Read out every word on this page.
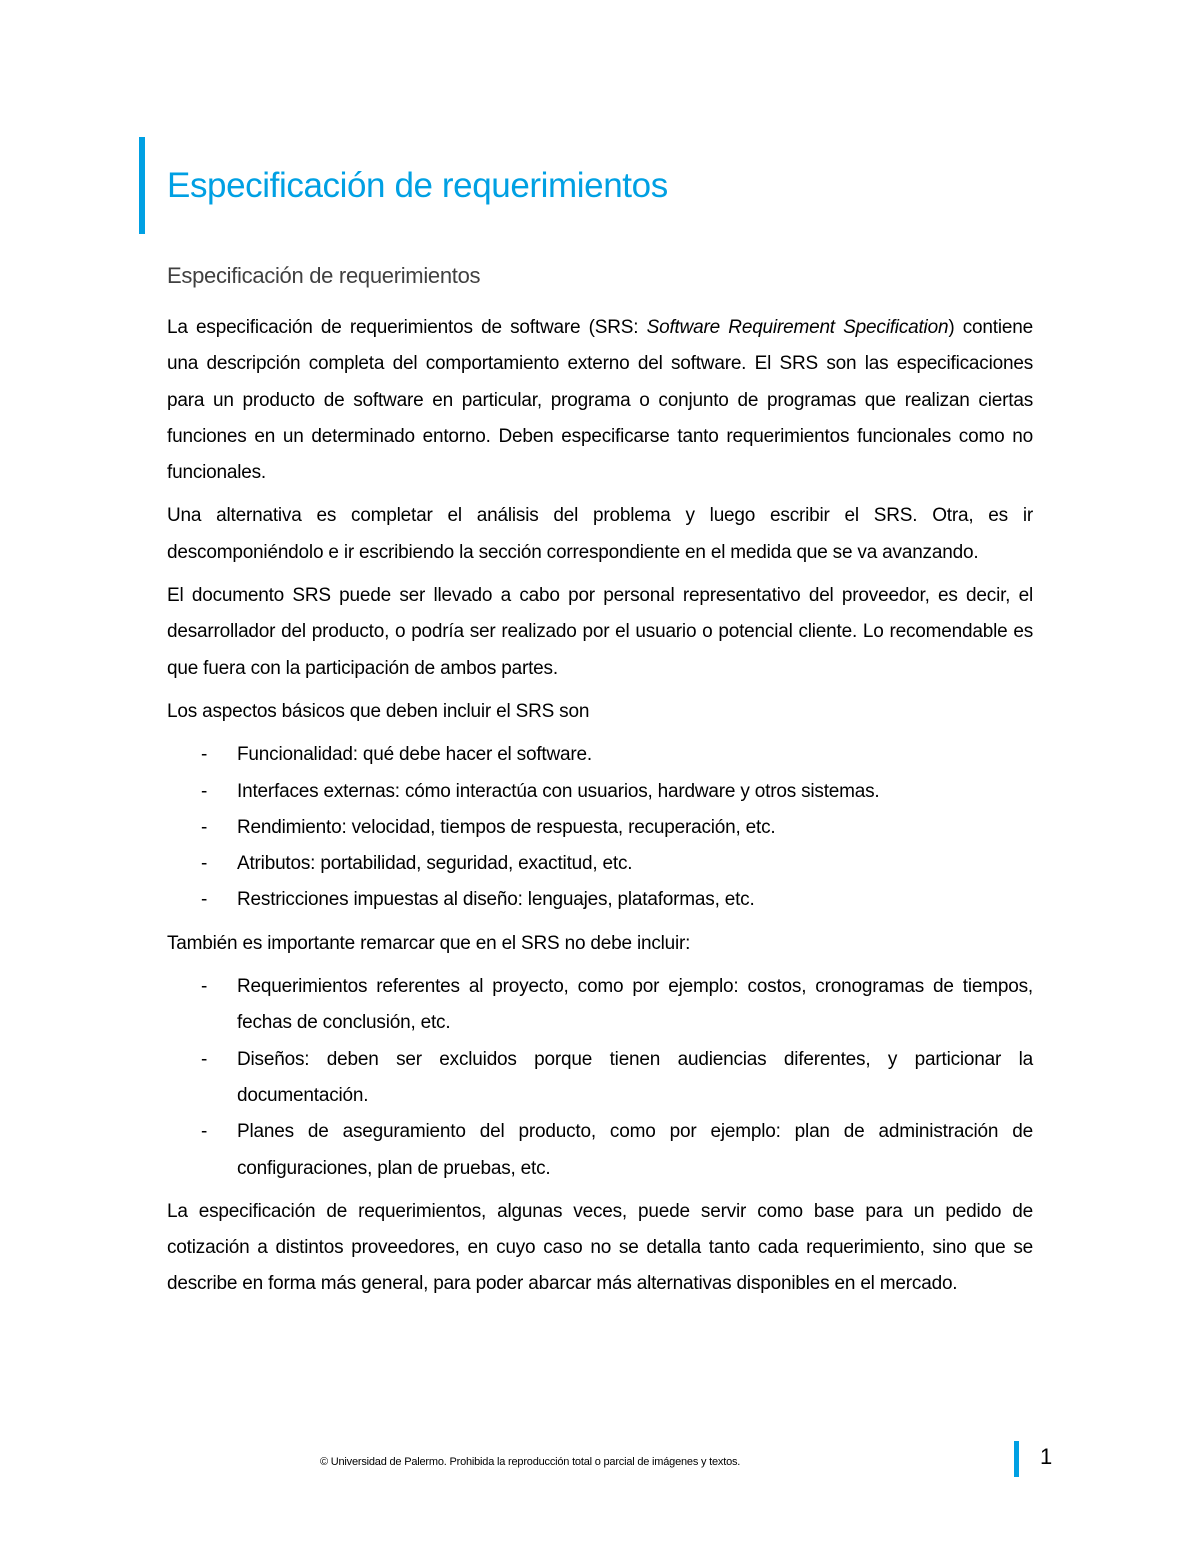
Especificación de requerimientos
Especificación de requerimientos

La especificación de requerimientos de software (SRS: Software Requirement Specification) contiene una descripción completa del comportamiento externo del software. El SRS son las especificaciones para un producto de software en particular, programa o conjunto de programas que realizan ciertas funciones en un determinado entorno. Deben especificarse tanto requerimientos funcionales como no funcionales.

Una alternativa es completar el análisis del problema y luego escribir el SRS. Otra, es ir descomponiéndolo e ir escribiendo la sección correspondiente en el medida que se va avanzando.

El documento SRS puede ser llevado a cabo por personal representativo del proveedor, es decir, el desarrollador del producto, o podría ser realizado por el usuario o potencial cliente. Lo recomendable es que fuera con la participación de ambos partes.

Los aspectos básicos que deben incluir el SRS son

- Funcionalidad: qué debe hacer el software.
- Interfaces externas: cómo interactúa con usuarios, hardware y otros sistemas.
- Rendimiento: velocidad, tiempos de respuesta, recuperación, etc.
- Atributos: portabilidad, seguridad, exactitud, etc.
- Restricciones impuestas al diseño: lenguajes, plataformas, etc.

También es importante remarcar que en el SRS no debe incluir:

- Requerimientos referentes al proyecto, como por ejemplo: costos, cronogramas de tiempos, fechas de conclusión, etc.
- Diseños: deben ser excluidos porque tienen audiencias diferentes, y particionar la documentación.
- Planes de aseguramiento del producto, como por ejemplo: plan de administración de configuraciones, plan de pruebas, etc.

La especificación de requerimientos, algunas veces, puede servir como base para un pedido de cotización a distintos proveedores, en cuyo caso no se detalla tanto cada requerimiento, sino que se describe en forma más general, para poder abarcar más alternativas disponibles en el mercado.

© Universidad de Palermo. Prohibida la reproducción total o parcial de imágenes y textos.	1
